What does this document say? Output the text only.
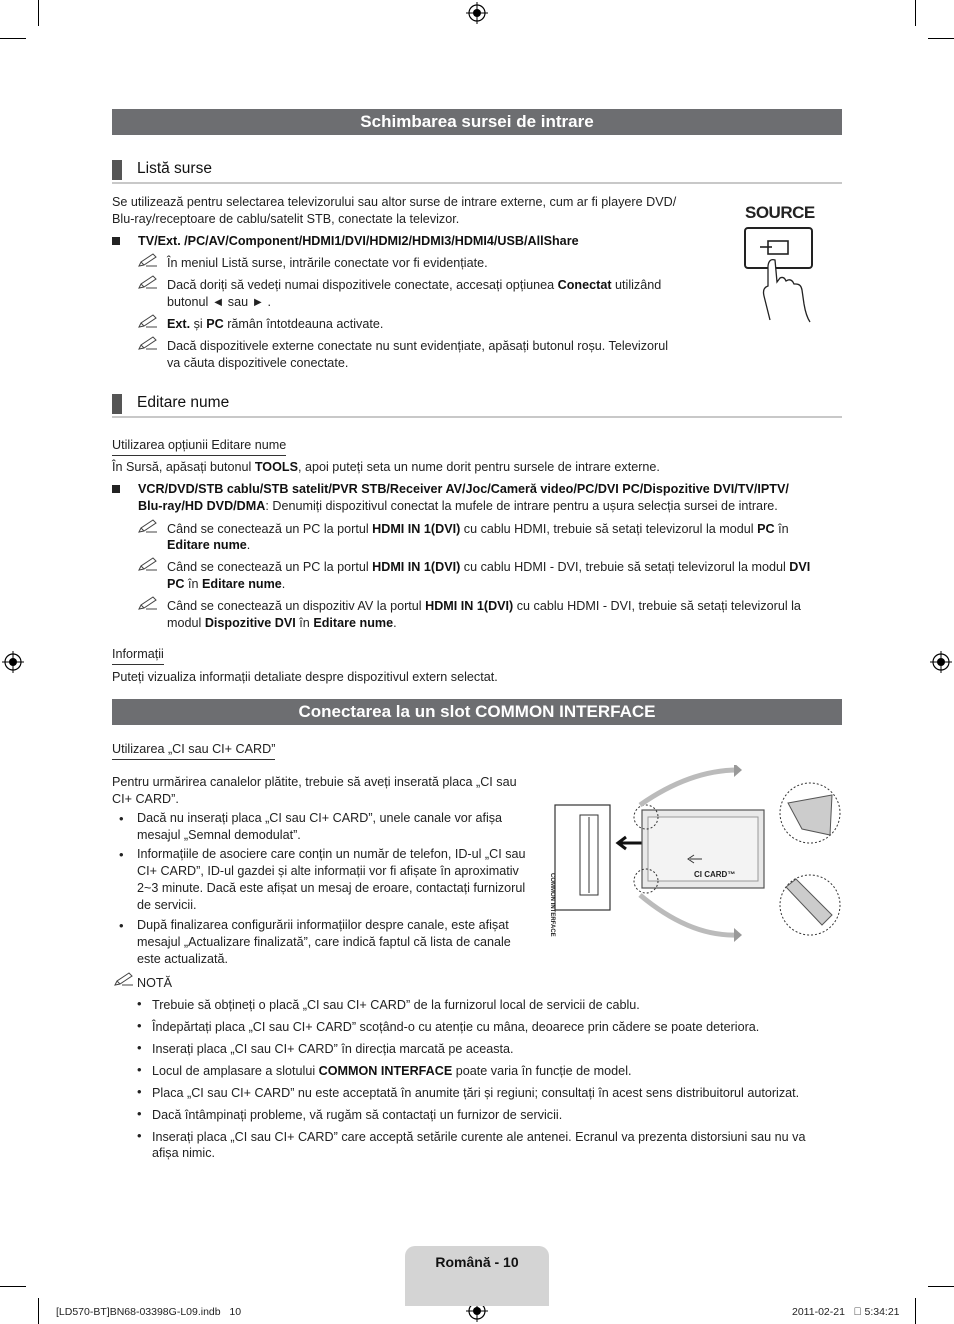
Schimbarea sursei de intrare
Listă surse
Se utilizează pentru selectarea televizorului sau altor surse de intrare externe, cum ar fi playere DVD/
Blu-ray/receptoare de cablu/satelit STB, conectate la televizor.
TV/Ext. /PC/AV/Component/HDMI1/DVI/HDMI2/HDMI3/HDMI4/USB/AllShare
În meniul Listă surse, intrările conectate vor fi evidențiate.
Dacă doriți să vedeți numai dispozitivele conectate, accesați opțiunea Conectat utilizând
butonul ◄ sau ► .
Ext. și PC rămân întotdeauna activate.
Dacă dispozitivele externe conectate nu sunt evidențiate, apăsați butonul roșu. Televizorul
va căuta dispozitivele conectate.
SOURCE
Editare nume
Utilizarea opțiunii Editare nume
În Sursă, apăsați butonul TOOLS, apoi puteți seta un nume dorit pentru sursele de intrare externe.
VCR/DVD/STB cablu/STB satelit/PVR STB/Receiver AV/Joc/Cameră video/PC/DVI PC/Dispozitive DVI/TV/IPTV/
Blu-ray/HD DVD/DMA: Denumiți dispozitivul conectat la mufele de intrare pentru a ușura selecția sursei de intrare.
Când se conectează un PC la portul HDMI IN 1(DVI) cu cablu HDMI, trebuie să setați televizorul la modul PC în
Editare nume.
Când se conectează un PC la portul HDMI IN 1(DVI) cu cablu HDMI - DVI, trebuie să setați televizorul la modul DVI
PC în Editare nume.
Când se conectează un dispozitiv AV la portul HDMI IN 1(DVI) cu cablu HDMI - DVI, trebuie să setați televizorul la
modul Dispozitive DVI în Editare nume.
Informații
Puteți vizualiza informații detaliate despre dispozitivul extern selectat.
Conectarea la un slot COMMON INTERFACE
Utilizarea „CI sau CI+ CARD”
Pentru urmărirea canalelor plătite, trebuie să aveți inserată placa „CI sau
CI+ CARD”.
• Dacă nu inserați placa „CI sau CI+ CARD”, unele canale vor afișa
mesajul „Semnal demodulat”.
• Informațiile de asociere care conțin un număr de telefon, ID-ul „CI sau
CI+ CARD”, ID-ul gazdei și alte informații vor fi afișate în aproximativ
2~3 minute. Dacă este afișat un mesaj de eroare, contactați furnizorul
de servicii.
• După finalizarea configurării informațiilor despre canale, este afișat
mesajul „Actualizare finalizată”, care indică faptul că lista de canale
este actualizată.
COMMON INTERFACE	CI CARD™
NOTĂ
• Trebuie să obțineți o placă „CI sau CI+ CARD” de la furnizorul local de servicii de cablu.
• Îndepărtați placa „CI sau CI+ CARD” scoțând-o cu atenție cu mâna, deoarece prin cădere se poate deteriora.
• Inserați placa „CI sau CI+ CARD” în direcția marcată pe aceasta.
• Locul de amplasare a slotului COMMON INTERFACE poate varia în funcție de model.
• Placa „CI sau CI+ CARD” nu este acceptată în anumite țări și regiuni; consultați în acest sens distribuitorul autorizat.
• Dacă întâmpinați probleme, vă rugăm să contactați un furnizor de servicii.
• Inserați placa „CI sau CI+ CARD” care acceptă setările curente ale antenei. Ecranul va prezenta distorsiuni sau nu va
afișa nimic.
Română - 10
[LD570-BT]BN68-03398G-L09.indb   10	2011-02-21   ￿ 5:34:21
